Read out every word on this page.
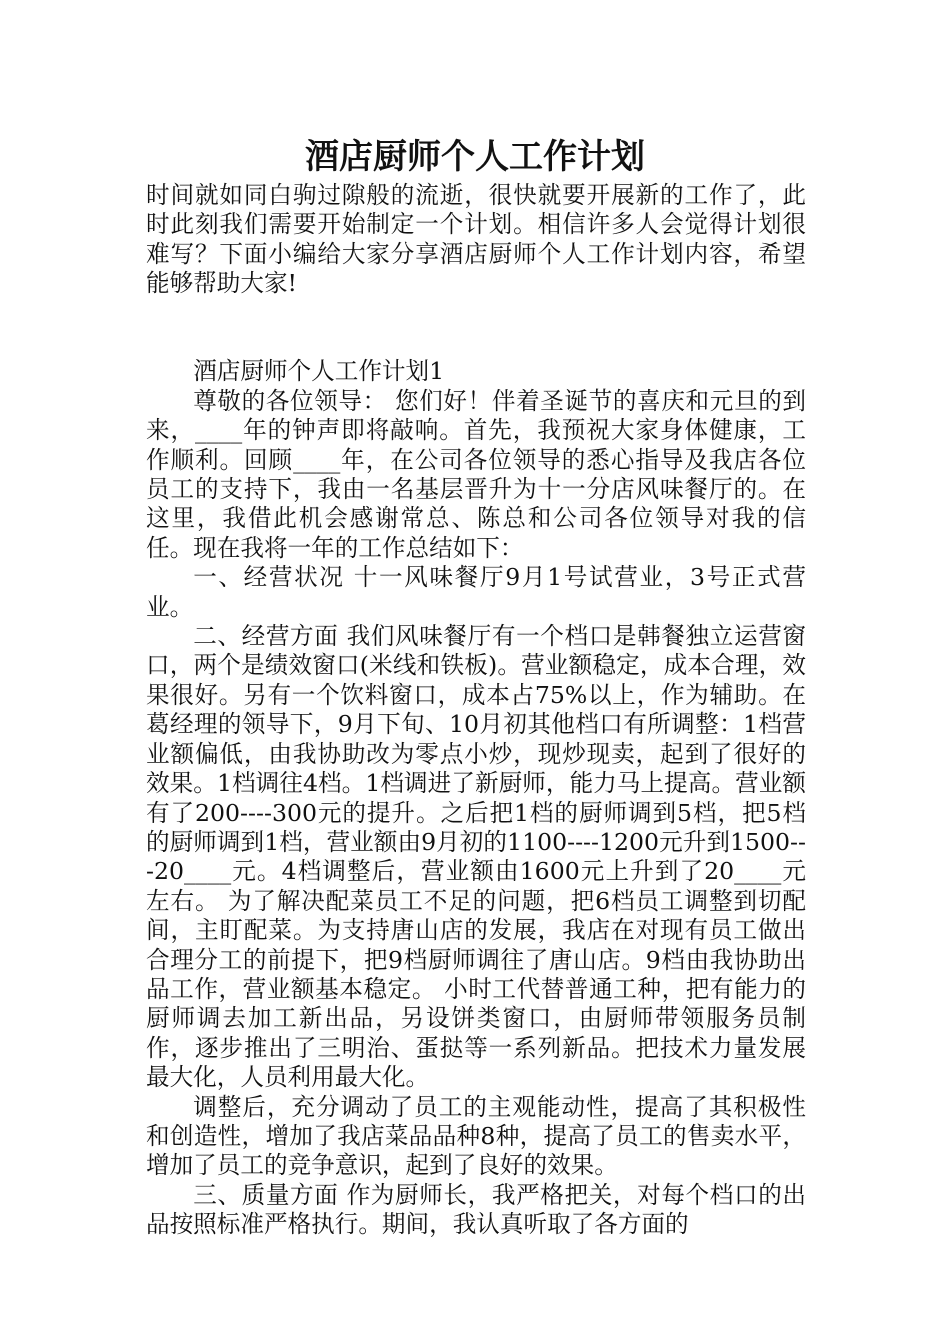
酒店厨师个人工作计划

时间就如同白驹过隙般的流逝，很快就要开展新的工作了，此时此刻我们需要开始制定一个计划。相信许多人会觉得计划很难写？下面小编给大家分享酒店厨师个人工作计划内容，希望能够帮助大家!

酒店厨师个人工作计划1

尊敬的各位领导： 您们好！伴着圣诞节的喜庆和元旦的到来，____年的钟声即将敲响。首先，我预祝大家身体健康，工作顺利。回顾____年，在公司各位领导的悉心指导及我店各位员工的支持下，我由一名基层晋升为十一分店风味餐厅的。在这里，我借此机会感谢常总、陈总和公司各位领导对我的信任。现在我将一年的工作总结如下：

一、经营状况 十一风味餐厅9月1号试营业，3号正式营业。

二、经营方面 我们风味餐厅有一个档口是韩餐独立运营窗口，两个是绩效窗口(米线和铁板)。营业额稳定，成本合理，效果很好。另有一个饮料窗口，成本占75%以上，作为辅助。在葛经理的领导下，9月下旬、10月初其他档口有所调整：1档营业额偏低，由我协助改为零点小炒，现炒现卖，起到了很好的效果。1档调往4档。1档调进了新厨师，能力马上提高。营业额有了200----300元的提升。之后把1档的厨师调到5档，把5档的厨师调到1档，营业额由9月初的1100----1200元升到1500---20____元。4档调整后，营业额由1600元上升到了20____元左右。 为了解决配菜员工不足的问题，把6档员工调整到切配间，主盯配菜。为支持唐山店的发展，我店在对现有员工做出合理分工的前提下，把9档厨师调往了唐山店。9档由我协助出品工作，营业额基本稳定。 小时工代替普通工种，把有能力的厨师调去加工新出品，另设饼类窗口，由厨师带领服务员制作，逐步推出了三明治、蛋挞等一系列新品。把技术力量发展最大化，人员利用最大化。

调整后，充分调动了员工的主观能动性，提高了其积极性和创造性，增加了我店菜品品种8种，提高了员工的售卖水平，增加了员工的竞争意识，起到了良好的效果。

三、质量方面 作为厨师长，我严格把关，对每个档口的出品按照标准严格执行。期间，我认真听取了各方面的
